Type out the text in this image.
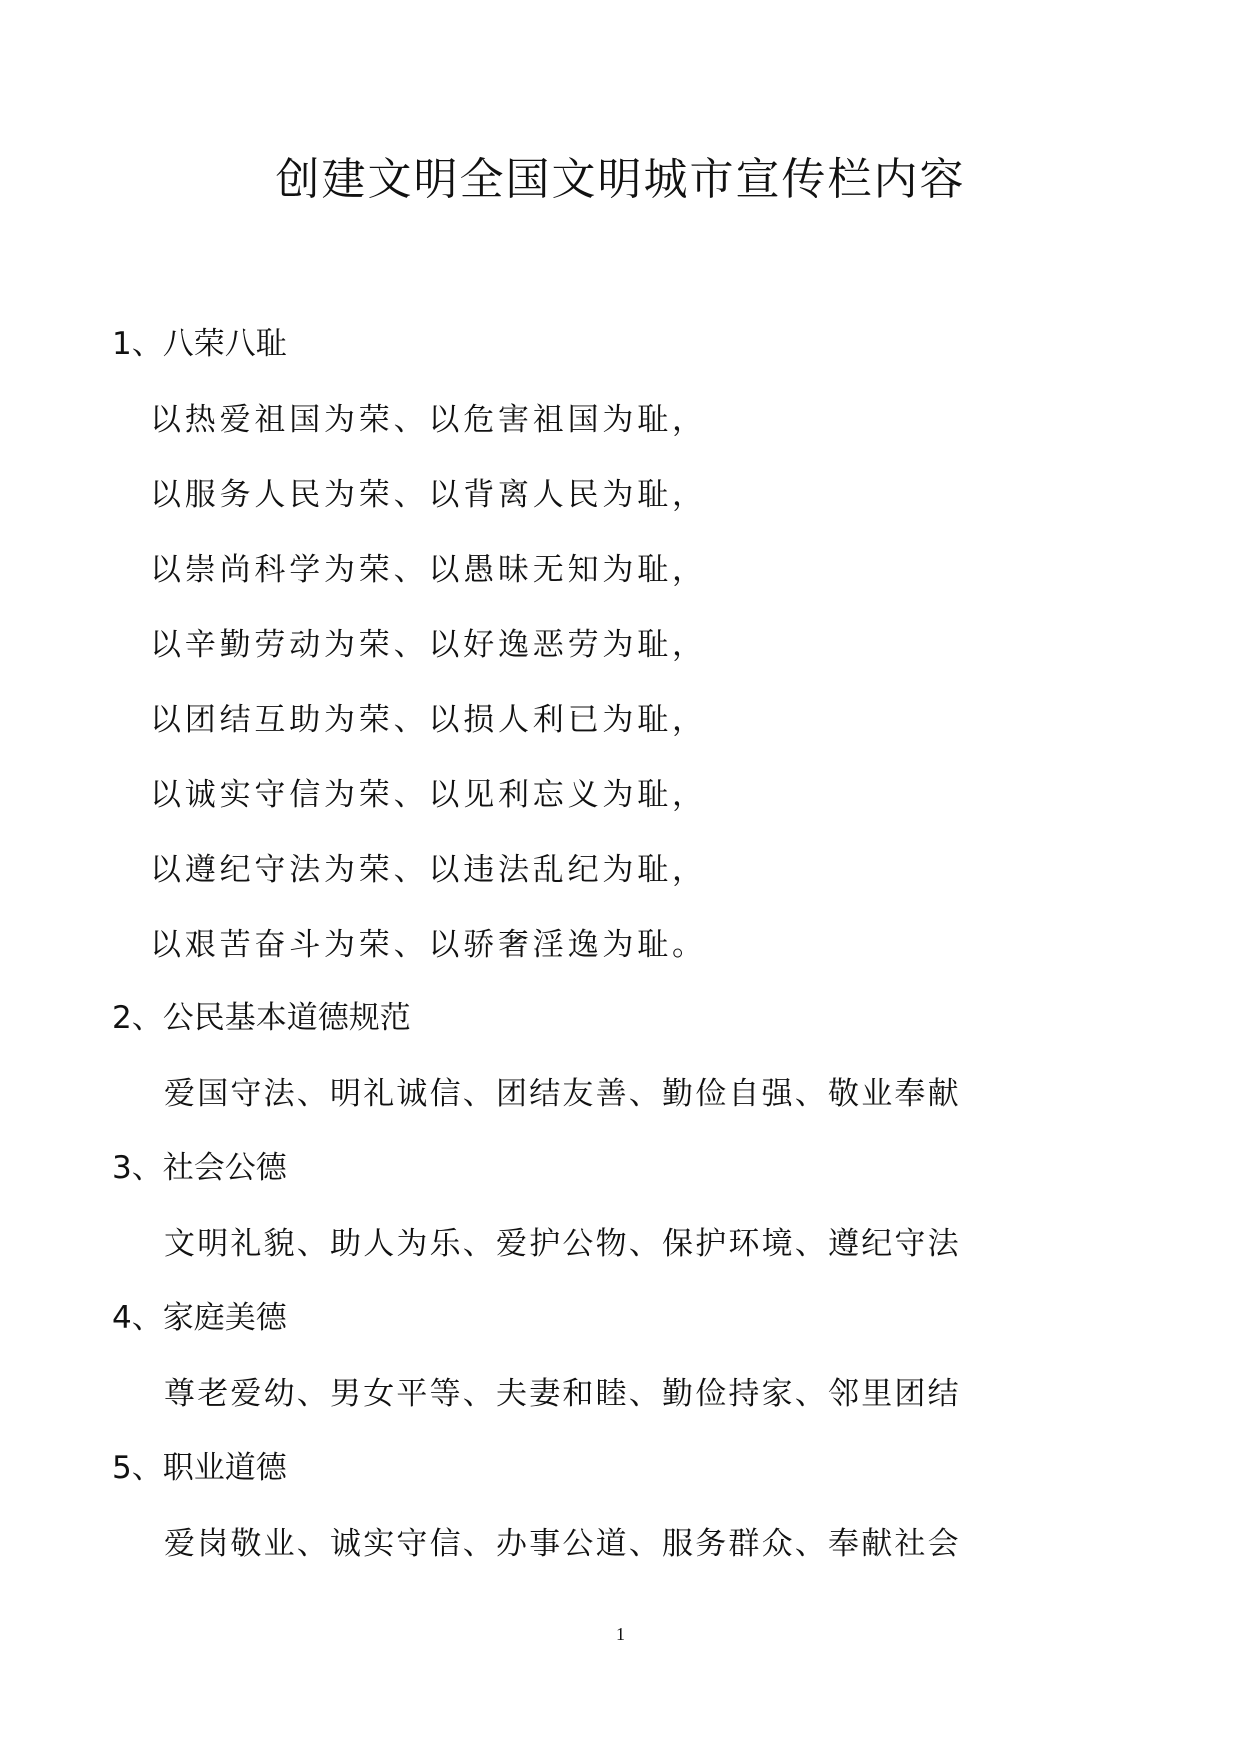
创建文明全国文明城市宣传栏内容
1、八荣八耻

以热爱祖国为荣、以危害祖国为耻，

以服务人民为荣、以背离人民为耻，

以崇尚科学为荣、以愚昧无知为耻，

以辛勤劳动为荣、以好逸恶劳为耻，

以团结互助为荣、以损人利已为耻，

以诚实守信为荣、以见利忘义为耻，

以遵纪守法为荣、以违法乱纪为耻，

以艰苦奋斗为荣、以骄奢淫逸为耻。

2、公民基本道德规范

爱国守法、明礼诚信、团结友善、勤俭自强、敬业奉献

3、社会公德

文明礼貌、助人为乐、爱护公物、保护环境、遵纪守法

4、家庭美德

尊老爱幼、男女平等、夫妻和睦、勤俭持家、邻里团结

5、职业道德

爱岗敬业、诚实守信、办事公道、服务群众、奉献社会

1
